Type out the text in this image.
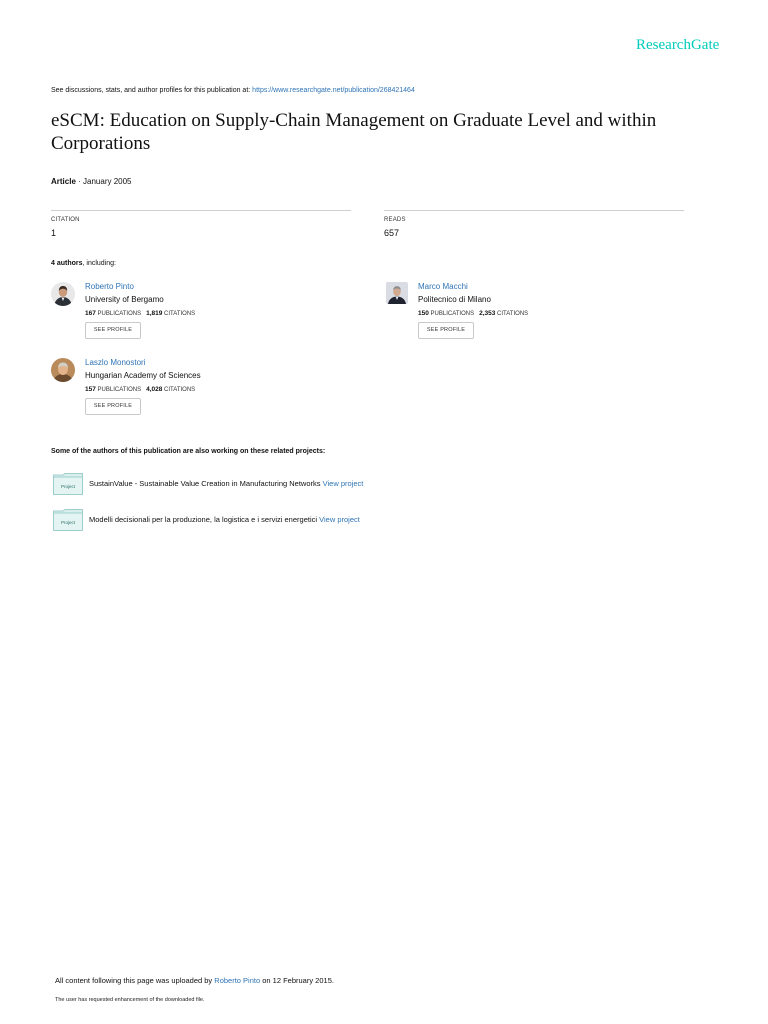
ResearchGate
See discussions, stats, and author profiles for this publication at: https://www.researchgate.net/publication/268421464
eSCM: Education on Supply-Chain Management on Graduate Level and within Corporations
Article · January 2005
CITATION
1
READS
657
4 authors, including:
Roberto Pinto
University of Bergamo
167 PUBLICATIONS 1,819 CITATIONS
SEE PROFILE
Marco Macchi
Politecnico di Milano
150 PUBLICATIONS 2,353 CITATIONS
SEE PROFILE
Laszlo Monostori
Hungarian Academy of Sciences
157 PUBLICATIONS 4,028 CITATIONS
SEE PROFILE
Some of the authors of this publication are also working on these related projects:
Project SustainValue - Sustainable Value Creation in Manufacturing Networks View project
Project Modelli decisionali per la produzione, la logistica e i servizi energetici View project
All content following this page was uploaded by Roberto Pinto on 12 February 2015.
The user has requested enhancement of the downloaded file.
